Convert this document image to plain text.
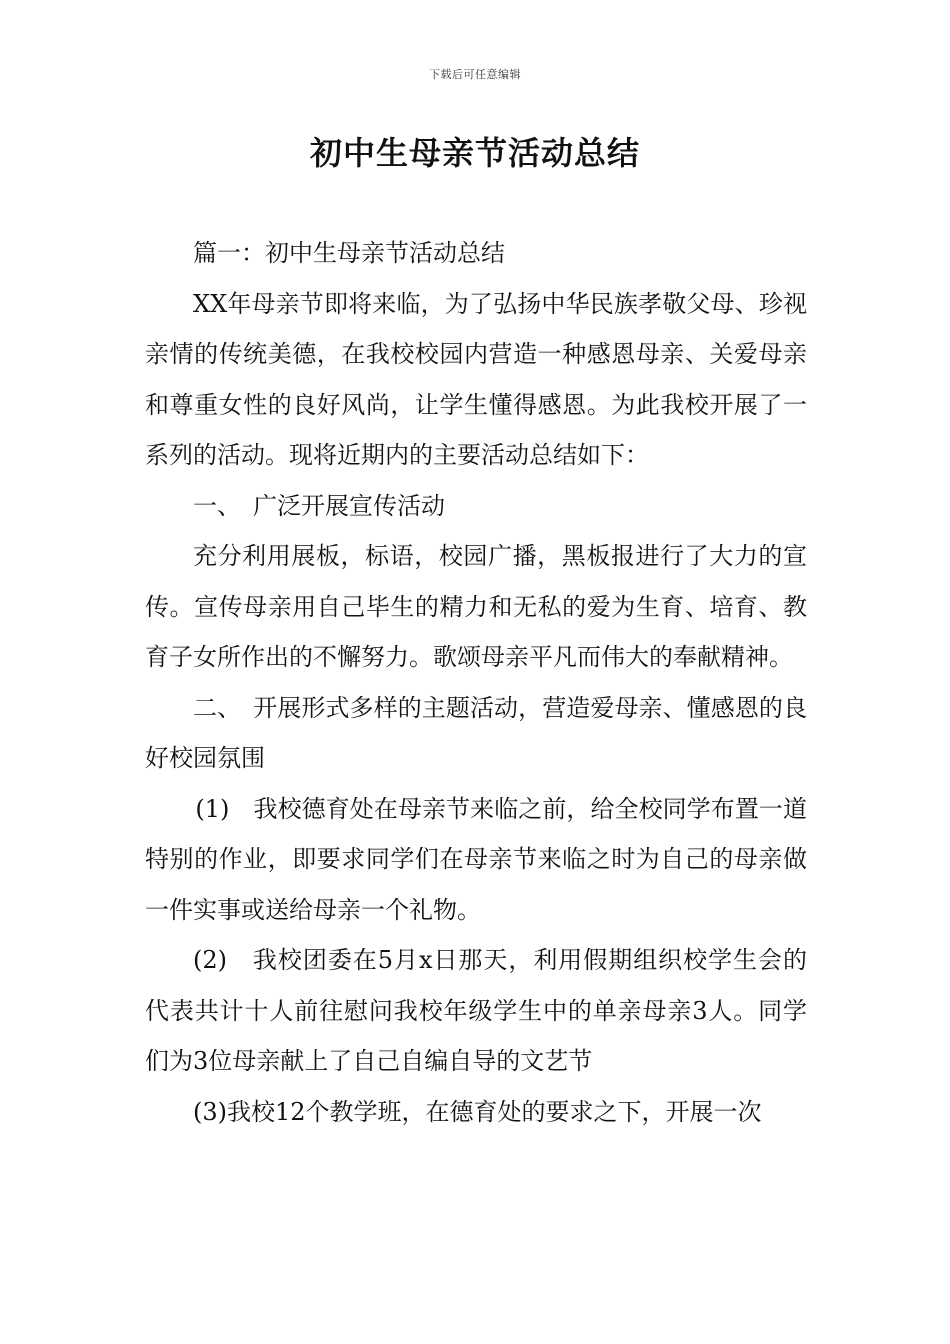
下载后可任意编辑
初中生母亲节活动总结

篇一：初中生母亲节活动总结

XX年母亲节即将来临，为了弘扬中华民族孝敬父母、珍视亲情的传统美德，在我校校园内营造一种感恩母亲、关爱母亲和尊重女性的良好风尚，让学生懂得感恩。为此我校开展了一系列的活动。现将近期内的主要活动总结如下：

一、　广泛开展宣传活动

充分利用展板，标语，校园广播，黑板报进行了大力的宣传。宣传母亲用自己毕生的精力和无私的爱为生育、培育、教育子女所作出的不懈努力。歌颂母亲平凡而伟大的奉献精神。

二、　开展形式多样的主题活动，营造爱母亲、懂感恩的良好校园氛围

(1)　我校德育处在母亲节来临之前，给全校同学布置一道特别的作业，即要求同学们在母亲节来临之时为自己的母亲做一件实事或送给母亲一个礼物。

(2)　我校团委在5月x日那天，利用假期组织校学生会的代表共计十人前往慰问我校年级学生中的单亲母亲3人。同学们为3位母亲献上了自己自编自导的文艺节

(3)我校12个教学班，在德育处的要求之下，开展一次
